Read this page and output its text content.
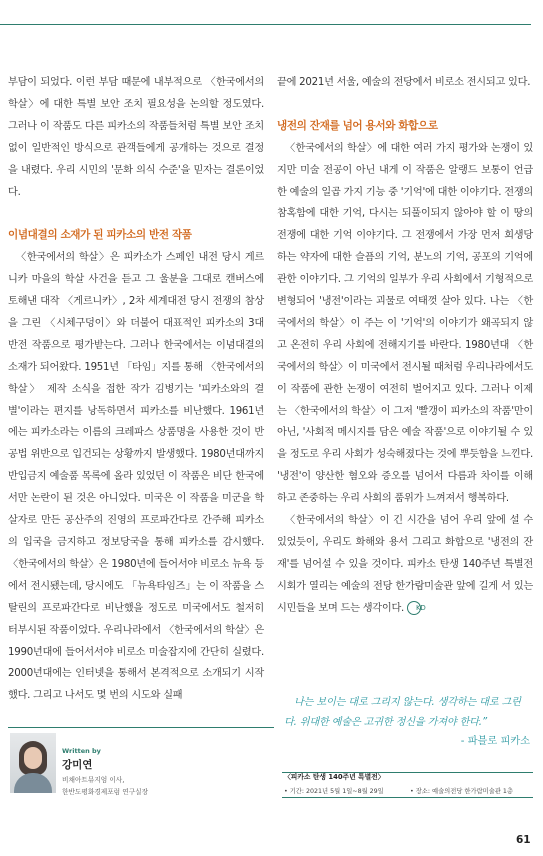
부담이 되었다. 이런 부담 때문에 내부적으로 〈한국에서의 학살〉에 대한 특별 보안 조치 필요성을 논의할 정도였다. 그러나 이 작품도 다른 피카소의 작품들처럼 특별 보안 조치 없이 일반적인 방식으로 관객들에게 공개하는 것으로 결정을 내렸다. 우리 시민의 '문화 의식 수준'을 믿자는 결론이었다.

이념대결의 소재가 된 피카소의 반전 작품

〈한국에서의 학살〉은 피카소가 스페인 내전 당시 게르니카 마을의 학살 사건을 듣고 그 울분을 그대로 캔버스에 토해낸 대작 〈게르니카〉, 2차 세계대전 당시 전쟁의 참상을 그린 〈시체구덩이〉와 더불어 대표적인 피카소의 3대 반전 작품으로 평가받는다. 그러나 한국에서는 이념대결의 소재가 되어왔다. 1951년 「타임」지를 통해 〈한국에서의 학살〉 제작 소식을 접한 작가 김병기는 '피카소와의 결별'이라는 편지를 낭독하면서 피카소를 비난했다. 1961년에는 피카소라는 이름의 크레파스 상품명을 사용한 것이 반공법 위반으로 입건되는 상황까지 발생했다. 1980년대까지 반입금지 예술품 목록에 올라 있었던 이 작품은 비단 한국에서만 논란이 된 것은 아니었다. 미국은 이 작품을 미군을 학살자로 만든 공산주의 진영의 프로파간다로 간주해 피카소의 입국을 금지하고 정보당국을 통해 피카소를 감시했다. 〈한국에서의 학살〉은 1980년에 들어서야 비로소 뉴욕 등에서 전시됐는데, 당시에도 「뉴욕타임즈」는 이 작품을 스탈린의 프로파간다로 비난했을 정도로 미국에서도 철저히 터부시된 작품이었다. 우리나라에서 〈한국에서의 학살〉은 1990년대에 들어서서야 비로소 미술잡지에 간단히 실렸다. 2000년대에는 인터넷을 통해서 본격적으로 소개되기 시작했다. 그리고 나서도 몇 번의 시도와 실패

끝에 2021년 서울, 예술의 전당에서 비로소 전시되고 있다.

냉전의 잔재를 넘어 용서와 화합으로

〈한국에서의 학살〉에 대한 여러 가지 평가와 논쟁이 있지만 미술 전공이 아닌 내게 이 작품은 알랭드 보통이 언급한 예술의 일곱 가지 기능 중 '기억'에 대한 이야기다. 전쟁의 참혹함에 대한 기억, 다시는 되풀이되지 않아야 할 이 땅의 전쟁에 대한 기억 이야기다. 그 전쟁에서 가장 먼저 희생당하는 약자에 대한 슬픔의 기억, 분노의 기억, 공포의 기억에 관한 이야기다. 그 기억의 일부가 우리 사회에서 기형적으로 변형되어 '냉전'이라는 괴물로 여태껏 살아 있다. 나는 〈한국에서의 학살〉이 주는 이 '기억'의 이야기가 왜곡되지 않고 온전히 우리 사회에 전해지기를 바란다. 1980년대 〈한국에서의 학살〉이 미국에서 전시될 때처럼 우리나라에서도 이 작품에 관한 논쟁이 여전히 벌어지고 있다. 그러나 이제는 〈한국에서의 학살〉이 그저 '빨갱이 피카소의 작품'만이 아닌, '사회적 메시지를 담은 예술 작품'으로 이야기될 수 있을 정도로 우리 사회가 성숙해졌다는 것에 뿌듯함을 느낀다. '냉전'이 양산한 혐오와 증오를 넘어서 다름과 차이를 이해하고 존중하는 우리 사회의 품위가 느껴져서 행복하다.

〈한국에서의 학살〉이 긴 시간을 넘어 우리 앞에 설 수 있었듯이, 우리도 화해와 용서 그리고 화합으로 '냉전의 잔재'를 넘어설 수 있을 것이다. 피카소 탄생 140주년 특별전시회가 열리는 예술의 전당 한가람미술관 앞에 길게 서 있는 시민들을 보며 드는 생각이다. KD

나는 보이는 대로 그리지 않는다. 생각하는 대로 그린다. 위대한 예술은 고귀한 정신을 가져야 한다.”
- 파블로 피카소
Written by
강미연
비채아트뮤지엄 이사,
한반도평화경제포럼 연구실장
〈피카소 탄생 140주년 특별전〉
• 기간: 2021년 5월 1일~8월 29일	• 장소: 예술의전당 한가람미술관 1층
61
